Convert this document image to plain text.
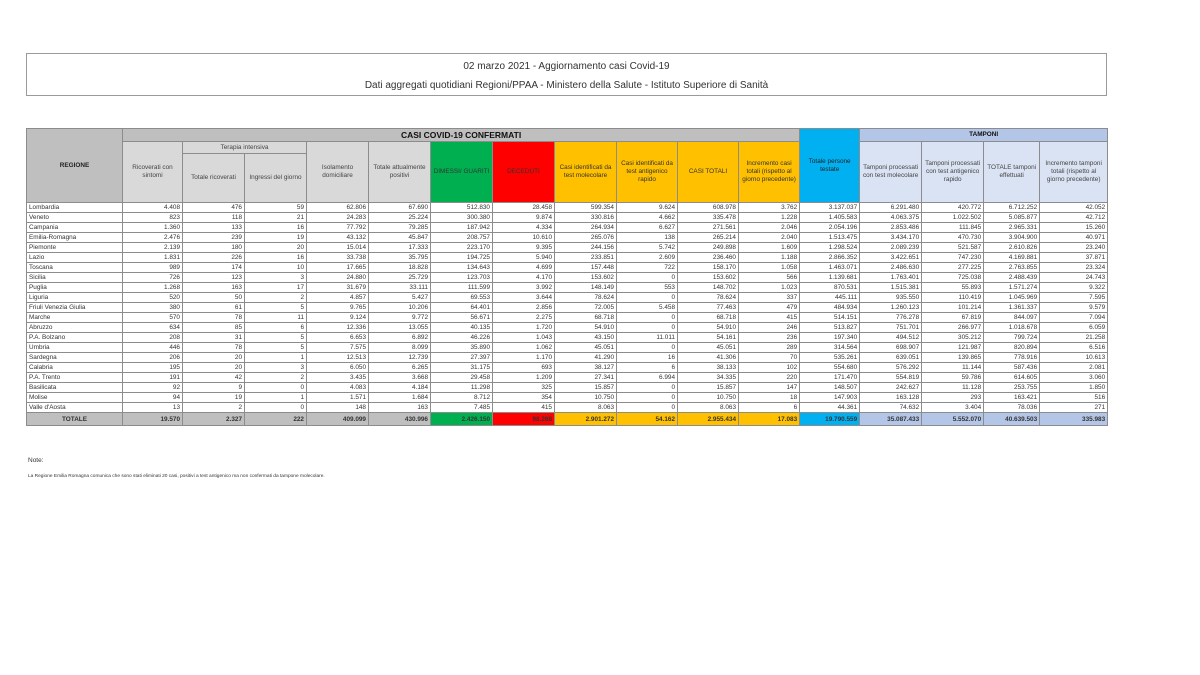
02 marzo 2021 - Aggiornamento casi Covid-19
Dati aggregati quotidiani Regioni/PPAA - Ministero della Salute - Istituto Superiore di Sanità
REGIONE	CASI COVID-19 CONFERMATI											Totale persone testate	TAMPONI			
	Ricoverati con sintomi	Terapia intensiva		Isolamento domiciliare	Totale attualmente positivi	DIMESSI/ GUARITI	DECEDUTI	Casi identificati da test molecolare	Casi identificati da test antigenico rapido	CASI TOTALI	Incremento casi totali (rispetto al giorno precedente)		Tamponi processati con test molecolare	Tamponi processati con test antigenico rapido	TOTALE tamponi effettuati	Incremento tamponi totali (rispetto al giorno precedente)
		Totale ricoverati	Ingressi del giorno													
Lombardia	4.408	476	59	62.806	67.690	512.830	28.458	599.354	9.624	608.978	3.762	3.137.037	6.291.480	420.772	6.712.252	42.052
Veneto	823	118	21	24.283	25.224	300.380	9.874	330.816	4.662	335.478	1.228	1.405.583	4.063.375	1.022.502	5.085.877	42.712
Campania	1.360	133	16	77.792	79.285	187.942	4.334	264.934	6.627	271.561	2.046	2.054.196	2.853.486	111.845	2.965.331	15.260
Emilia-Romagna	2.476	239	19	43.132	45.847	208.757	10.610	265.076	138	265.214	2.040	1.513.475	3.434.170	470.730	3.904.900	40.971
Piemonte	2.139	180	20	15.014	17.333	223.170	9.395	244.156	5.742	249.898	1.609	1.298.524	2.089.239	521.587	2.610.826	23.240
Lazio	1.831	226	16	33.738	35.795	194.725	5.940	233.851	2.609	236.460	1.188	2.866.352	3.422.651	747.230	4.169.881	37.871
Toscana	989	174	10	17.665	18.828	134.643	4.699	157.448	722	158.170	1.058	1.463.071	2.486.630	277.225	2.763.855	23.324
Sicilia	726	123	3	24.880	25.729	123.703	4.170	153.602	0	153.602	566	1.139.681	1.763.401	725.038	2.488.439	24.743
Puglia	1.268	163	17	31.679	33.111	111.599	3.992	148.149	553	148.702	1.023	870.531	1.515.381	55.893	1.571.274	9.322
Liguria	520	50	2	4.857	5.427	69.553	3.644	78.624	0	78.624	337	445.111	935.550	110.419	1.045.969	7.595
Friuli Venezia Giulia	380	61	5	9.765	10.206	64.401	2.856	72.005	5.458	77.463	479	484.934	1.260.123	101.214	1.361.337	9.579
Marche	570	78	11	9.124	9.772	56.671	2.275	68.718	0	68.718	415	514.151	776.278	67.819	844.097	7.094
Abruzzo	634	85	6	12.336	13.055	40.135	1.720	54.910	0	54.910	246	513.827	751.701	266.977	1.018.678	6.059
P.A. Bolzano	208	31	5	6.653	6.892	46.226	1.043	43.150	11.011	54.161	236	197.340	494.512	305.212	799.724	21.258
Umbria	446	78	5	7.575	8.099	35.890	1.062	45.051	0	45.051	289	314.564	698.907	121.987	820.894	6.516
Sardegna	206	20	1	12.513	12.739	27.397	1.170	41.290	16	41.306	70	535.261	639.051	139.865	778.916	10.613
Calabria	195	20	3	6.050	6.265	31.175	693	38.127	6	38.133	102	554.680	576.292	11.144	587.436	2.081
P.A. Trento	191	42	2	3.435	3.668	29.458	1.209	27.341	6.994	34.335	220	171.470	554.819	59.786	614.605	3.060
Basilicata	92	9	0	4.083	4.184	11.298	325	15.857	0	15.857	147	148.507	242.627	11.128	253.755	1.850
Molise	94	19	1	1.571	1.684	8.712	354	10.750	0	10.750	18	147.903	163.128	293	163.421	516
Valle d'Aosta	13	2	0	148	163	7.485	415	8.063	0	8.063	6	44.361	74.632	3.404	78.036	271
TOTALE	19.570	2.327	222	409.099	430.996	2.426.150	98.288	2.901.272	54.162	2.955.434	17.083	19.790.559	35.087.433	5.552.070	40.639.503	335.983
Note:
La Regione Emilia Romagna comunica che sono stati eliminati 20 casi, positivi a test antigenico ma non confermati da tampone molecolare.
